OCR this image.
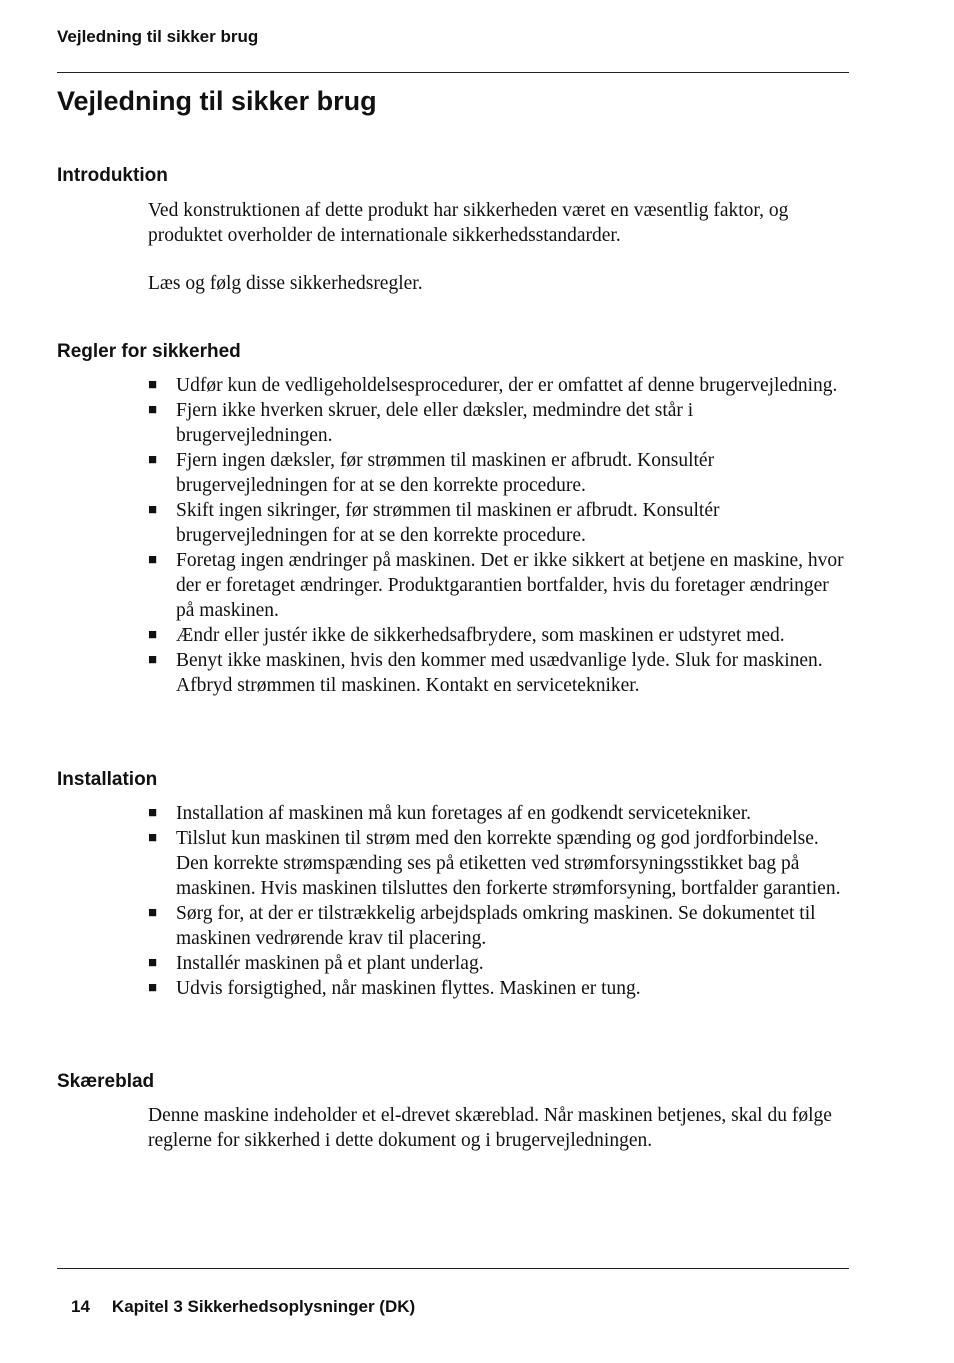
Vejledning til sikker brug
Vejledning til sikker brug
Introduktion

Ved konstruktionen af dette produkt har sikkerheden været en væsentlig faktor, og produktet overholder de internationale sikkerhedsstandarder.

Læs og følg disse sikkerhedsregler.

Regler for sikkerhed
■ Udfør kun de vedligeholdelsesprocedurer, der er omfattet af denne brugervejledning.
■ Fjern ikke hverken skruer, dele eller dæksler, medmindre det står i brugervejledningen.
■ Fjern ingen dæksler, før strømmen til maskinen er afbrudt. Konsultér brugervejledningen for at se den korrekte procedure.
■ Skift ingen sikringer, før strømmen til maskinen er afbrudt. Konsultér brugervejledningen for at se den korrekte procedure.
■ Foretag ingen ændringer på maskinen. Det er ikke sikkert at betjene en maskine, hvor der er foretaget ændringer. Produktgarantien bortfalder, hvis du foretager ændringer på maskinen.
■ Ændr eller justér ikke de sikkerhedsafbrydere, som maskinen er udstyret med.
■ Benyt ikke maskinen, hvis den kommer med usædvanlige lyde. Sluk for maskinen. Afbryd strømmen til maskinen. Kontakt en servicetekniker.
Installation
■ Installation af maskinen må kun foretages af en godkendt servicetekniker.
■ Tilslut kun maskinen til strøm med den korrekte spænding og god jordforbindelse. Den korrekte strømspænding ses på etiketten ved strømforsyningsstikket bag på maskinen. Hvis maskinen tilsluttes den forkerte strømforsyning, bortfalder garantien.
■ Sørg for, at der er tilstrækkelig arbejdsplads omkring maskinen. Se dokumentet til maskinen vedrørende krav til placering.
■ Installér maskinen på et plant underlag.
■ Udvis forsigtighed, når maskinen flyttes. Maskinen er tung.
Skæreblad

Denne maskine indeholder et el-drevet skæreblad. Når maskinen betjenes, skal du følge reglerne for sikkerhed i dette dokument og i brugervejledningen.

14 Kapitel 3 Sikkerhedsoplysninger (DK)
